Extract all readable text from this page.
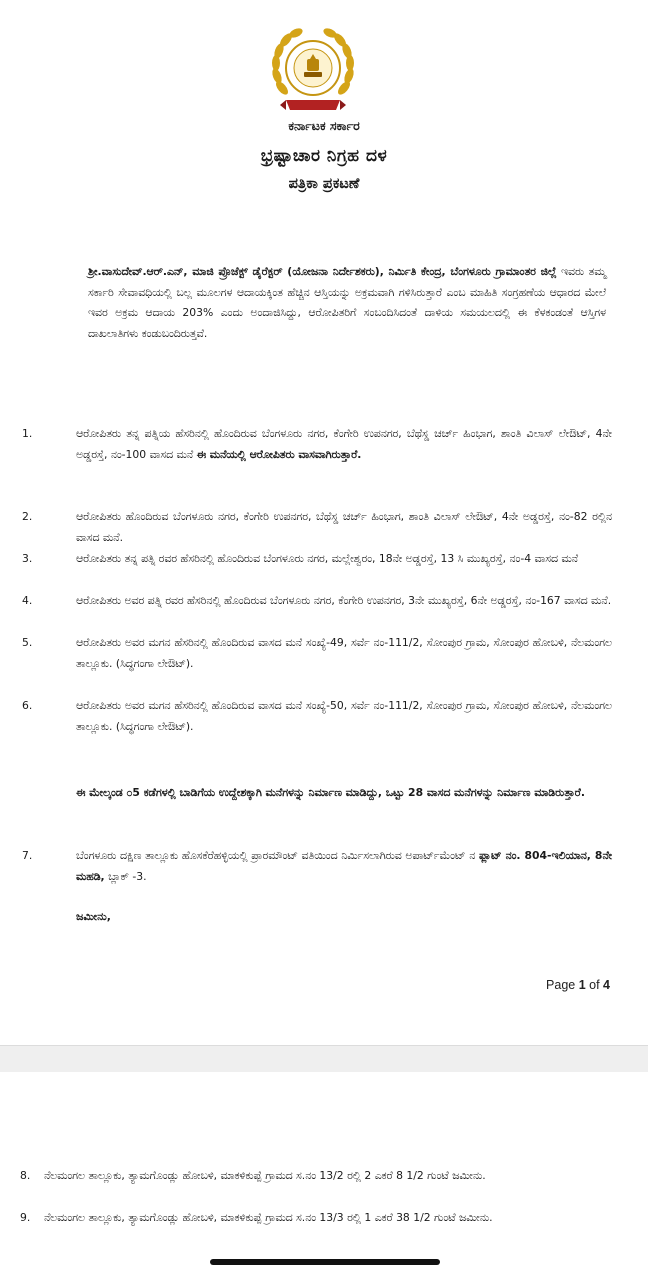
ಕರ್ನಾಟಕ ಸರ್ಕಾರ
ಭ್ರಷ್ಟಾಚಾರ ನಿಗ್ರಹ ದಳ
ಪತ್ರಿಕಾ ಪ್ರಕಟಣೆ
ಶ್ರೀ.ವಾಸುದೇವ್.ಆರ್.ಎನ್, ಮಾಜಿ ಪ್ರೊಜೆಕ್ಟ್ ಡೈರೆಕ್ಟರ್ (ಯೋಜನಾ ನಿರ್ದೇಶಕರು), ನಿರ್ಮಿತಿ ಕೇಂದ್ರ, ಬೆಂಗಳೂರು ಗ್ರಾಮಾಂತರ ಜಿಲ್ಲೆ ಇವರು ತಮ್ಮ ಸರ್ಕಾರಿ ಸೇವಾವಧಿಯಲ್ಲಿ ಬಲ್ಲ ಮೂಲಗಳ ಆದಾಯಕ್ಕಿಂತ ಹೆಚ್ಚಿನ ಆಸ್ತಿಯನ್ನು ಅಕ್ರಮವಾಗಿ ಗಳಿಸಿರುತ್ತಾರೆ ಎಂಬ ಮಾಹಿತಿ ಸಂಗ್ರಹಣೆಯ ಆಧಾರದ ಮೇಲೆ ಇವರ ಅಕ್ರಮ ಆದಾಯ 203% ಎಂದು ಅಂದಾಜಿಸಿದ್ದು, ಆರೋಪಿತರಿಗೆ ಸಂಬಂದಿಸಿದಂತೆ ದಾಳಿಯ ಸಮಯಲದಲ್ಲಿ ಈ ಕೆಳಕಂಡಂತೆ ಆಸ್ತಿಗಳ ದಾಖಲಾತಿಗಳು ಕಂಡುಬಂದಿರುತ್ತವೆ.
1.	ಆರೋಪಿತರು ತನ್ನ ಪತ್ನಿಯ ಹೆಸರಿನಲ್ಲಿ ಹೊಂದಿರುವ ಬೆಂಗಳೂರು ನಗರ, ಕೆಂಗೇರಿ ಉಪನಗರ, ಬೆಥೆಸ್ಡ ಚರ್ಚ್ ಹಿಂಭಾಗ, ಶಾಂತಿ ವಿಲಾಸ್ ಲೇಔಟ್, 4ನೇ ಅಡ್ಡರಸ್ತೆ, ನಂ-100 ವಾಸದ ಮನೆ ಈ ಮನೆಯಲ್ಲಿ ಆರೋಪಿತರು ವಾಸವಾಗಿರುತ್ತಾರೆ.
2.	ಆರೋಪಿತರು ಹೊಂದಿರುವ ಬೆಂಗಳೂರು ನಗರ, ಕೆಂಗೇರಿ ಉಪನಗರ, ಬೆಥೆಸ್ಡ ಚರ್ಚ್ ಹಿಂಭಾಗ, ಶಾಂತಿ ವಿಲಾಸ್ ಲೇಔಟ್, 4ನೇ ಅಡ್ಡರಸ್ತೆ, ನಂ-82 ರಲ್ಲಿನ ವಾಸದ ಮನೆ.
3.	ಆರೋಪಿತರು ತನ್ನ ಪತ್ನಿ ರವರ ಹೆಸರಿನಲ್ಲಿ ಹೊಂದಿರುವ ಬೆಂಗಳೂರು ನಗರ, ಮಲ್ಲೇಶ್ವರಂ, 18ನೇ ಅಡ್ಡರಸ್ತೆ, 13 ಸಿ ಮುಖ್ಯರಸ್ತೆ, ನಂ-4 ವಾಸದ ಮನೆ
4.	ಆರೋಪಿತರು ಅವರ ಪತ್ನಿ ರವರ ಹೆಸರಿನಲ್ಲಿ ಹೊಂದಿರುವ ಬೆಂಗಳೂರು ನಗರ, ಕೆಂಗೇರಿ ಉಪನಗರ, 3ನೇ ಮುಖ್ಯರಸ್ತೆ, 6ನೇ ಅಡ್ಡರಸ್ತೆ, ನಂ-167 ವಾಸದ ಮನೆ.
5.	ಆರೋಪಿತರು ಅವರ ಮಗನ ಹೆಸರಿನಲ್ಲಿ ಹೊಂದಿರುವ ವಾಸದ ಮನೆ ಸಂಖ್ಯೆ-49, ಸರ್ವೆ ನಂ-111/2, ಸೋಂಪುರ ಗ್ರಾಮ, ಸೋಂಪುರ ಹೋಬಳಿ, ನೆಲಮಂಗಲ ತಾಲ್ಲೂಕು. (ಸಿದ್ಧಗಂಗಾ ಲೇಔಟ್).
6.	ಆರೋಪಿತರು ಅವರ ಮಗನ ಹೆಸರಿನಲ್ಲಿ ಹೊಂದಿರುವ ವಾಸದ ಮನೆ ಸಂಖ್ಯೆ-50, ಸರ್ವೆ ನಂ-111/2, ಸೋಂಪುರ ಗ್ರಾಮ, ಸೋಂಪುರ ಹೋಬಳಿ, ನೆಲಮಂಗಲ ತಾಲ್ಲೂಕು. (ಸಿದ್ಧಗಂಗಾ ಲೇಔಟ್).
ಈ ಮೇಲ್ಕಂಡ ೦5 ಕಡೆಗಳಲ್ಲಿ ಬಾಡಿಗೆಯ ಉದ್ದೇಶಕ್ಕಾಗಿ ಮನೆಗಳನ್ನು ನಿರ್ಮಾಣ ಮಾಡಿದ್ದು, ಒಟ್ಟು 28 ವಾಸದ ಮನೆಗಳನ್ನು ನಿರ್ಮಾಣ ಮಾಡಿರುತ್ತಾರೆ.
7.	ಬೆಂಗಳೂರು ದಕ್ಷಿಣ ತಾಲ್ಲೂಕು ಹೊಸಕೆರೆಹಳ್ಳಿಯಲ್ಲಿ ಪ್ರಾರಮೌಂಟ್ ವತಿಯಿಂದ ನಿರ್ಮಿಸಲಾಗಿರುವ ಅಪಾರ್ಟ್‌ಮೆಂಟ್ ನ ಫ್ಲಾಟ್ ನಂ. 804-ಇಲಿಯಾನ, 8ನೇ ಮಹಡಿ, ಬ್ಲಾಕ್ -3.
ಜಮೀನು,
Page 1 of 4
8.	ನೆಲಮಂಗಲ ತಾಲ್ಲೂಕು, ತ್ಯಾಮಗೊಂಡ್ಲು ಹೋಬಳಿ, ಮಾಕಳಿಕುಪ್ಪೆ ಗ್ರಾಮದ ಸ.ನಂ 13/2 ರಲ್ಲಿ 2 ಎಕರೆ 8 1/2 ಗುಂಟೆ ಜಮೀನು.
9.	ನೆಲಮಂಗಲ ತಾಲ್ಲೂಕು, ತ್ಯಾಮಗೊಂಡ್ಲು ಹೋಬಳಿ, ಮಾಕಳಿಕುಪ್ಪೆ ಗ್ರಾಮದ ಸ.ನಂ 13/3 ರಲ್ಲಿ 1 ಎಕರೆ 38 1/2 ಗುಂಟೆ ಜಮೀನು.
